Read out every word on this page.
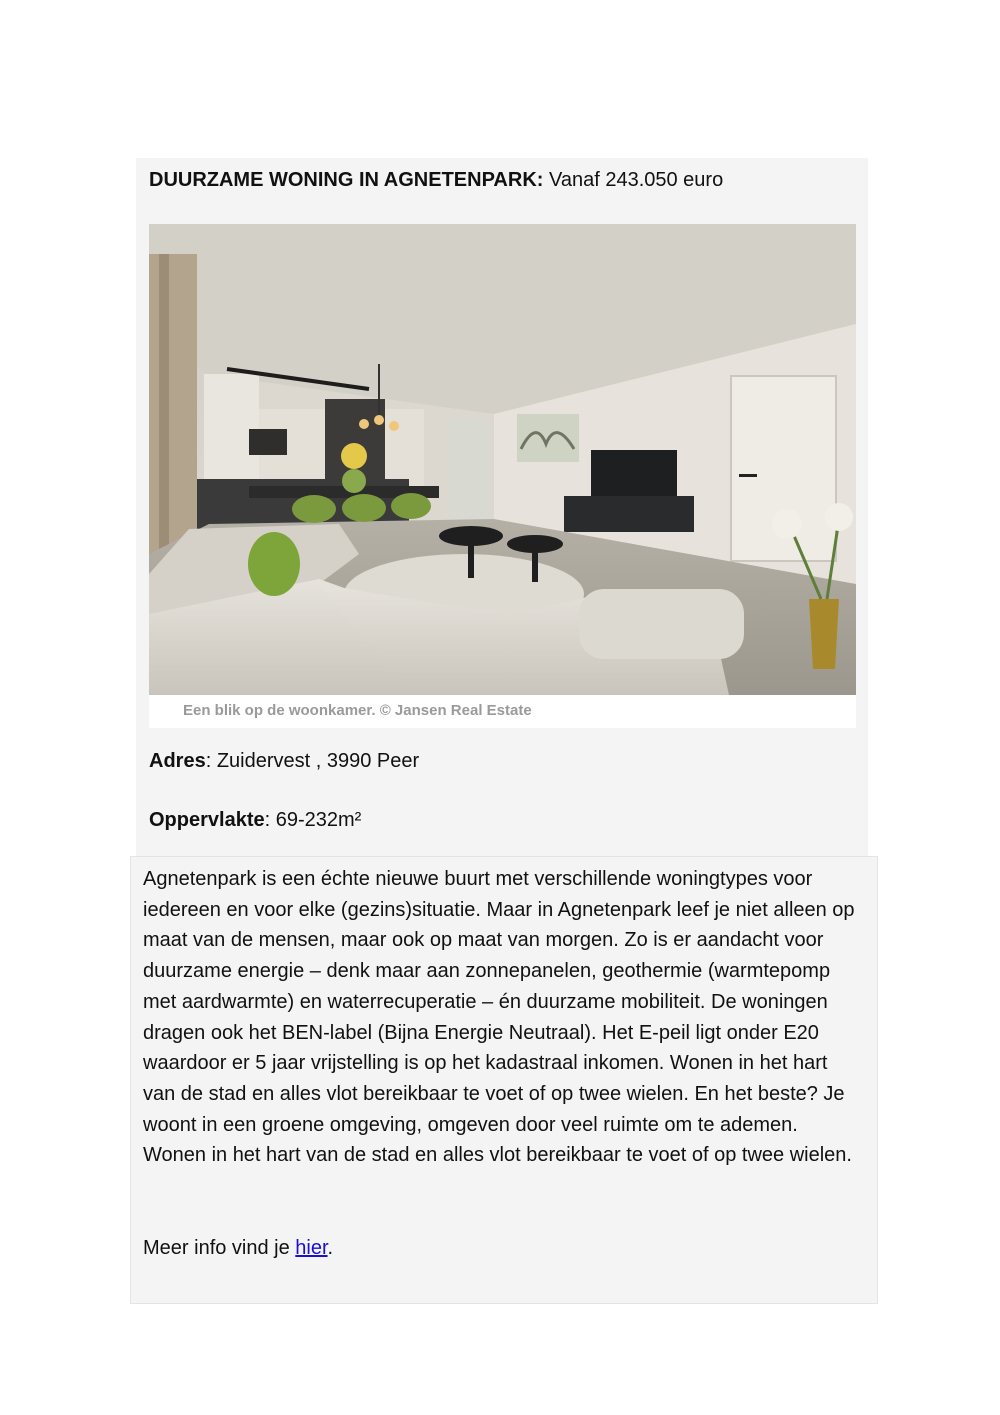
DUURZAME WONING IN AGNETENPARK: Vanaf 243.050 euro
Een blik op de woonkamer. © Jansen Real Estate
Adres: Zuidervest , 3990 Peer
Oppervlakte: 69-232m²

Agnetenpark is een échte nieuwe buurt met verschillende woningtypes voor iedereen en voor elke (gezins)situatie. Maar in Agnetenpark leef je niet alleen op maat van de mensen, maar ook op maat van morgen. Zo is er aandacht voor duurzame energie – denk maar aan zonnepanelen, geothermie (warmtepomp met aardwarmte) en waterrecuperatie – én duurzame mobiliteit. De woningen dragen ook het BEN-label (Bijna Energie Neutraal). Het E-peil ligt onder E20 waardoor er 5 jaar vrijstelling is op het kadastraal inkomen. Wonen in het hart van de stad en alles vlot bereikbaar te voet of op twee wielen. En het beste? Je woont in een groene omgeving, omgeven door veel ruimte om te ademen. Wonen in het hart van de stad en alles vlot bereikbaar te voet of op twee wielen.

Meer info vind je hier.
